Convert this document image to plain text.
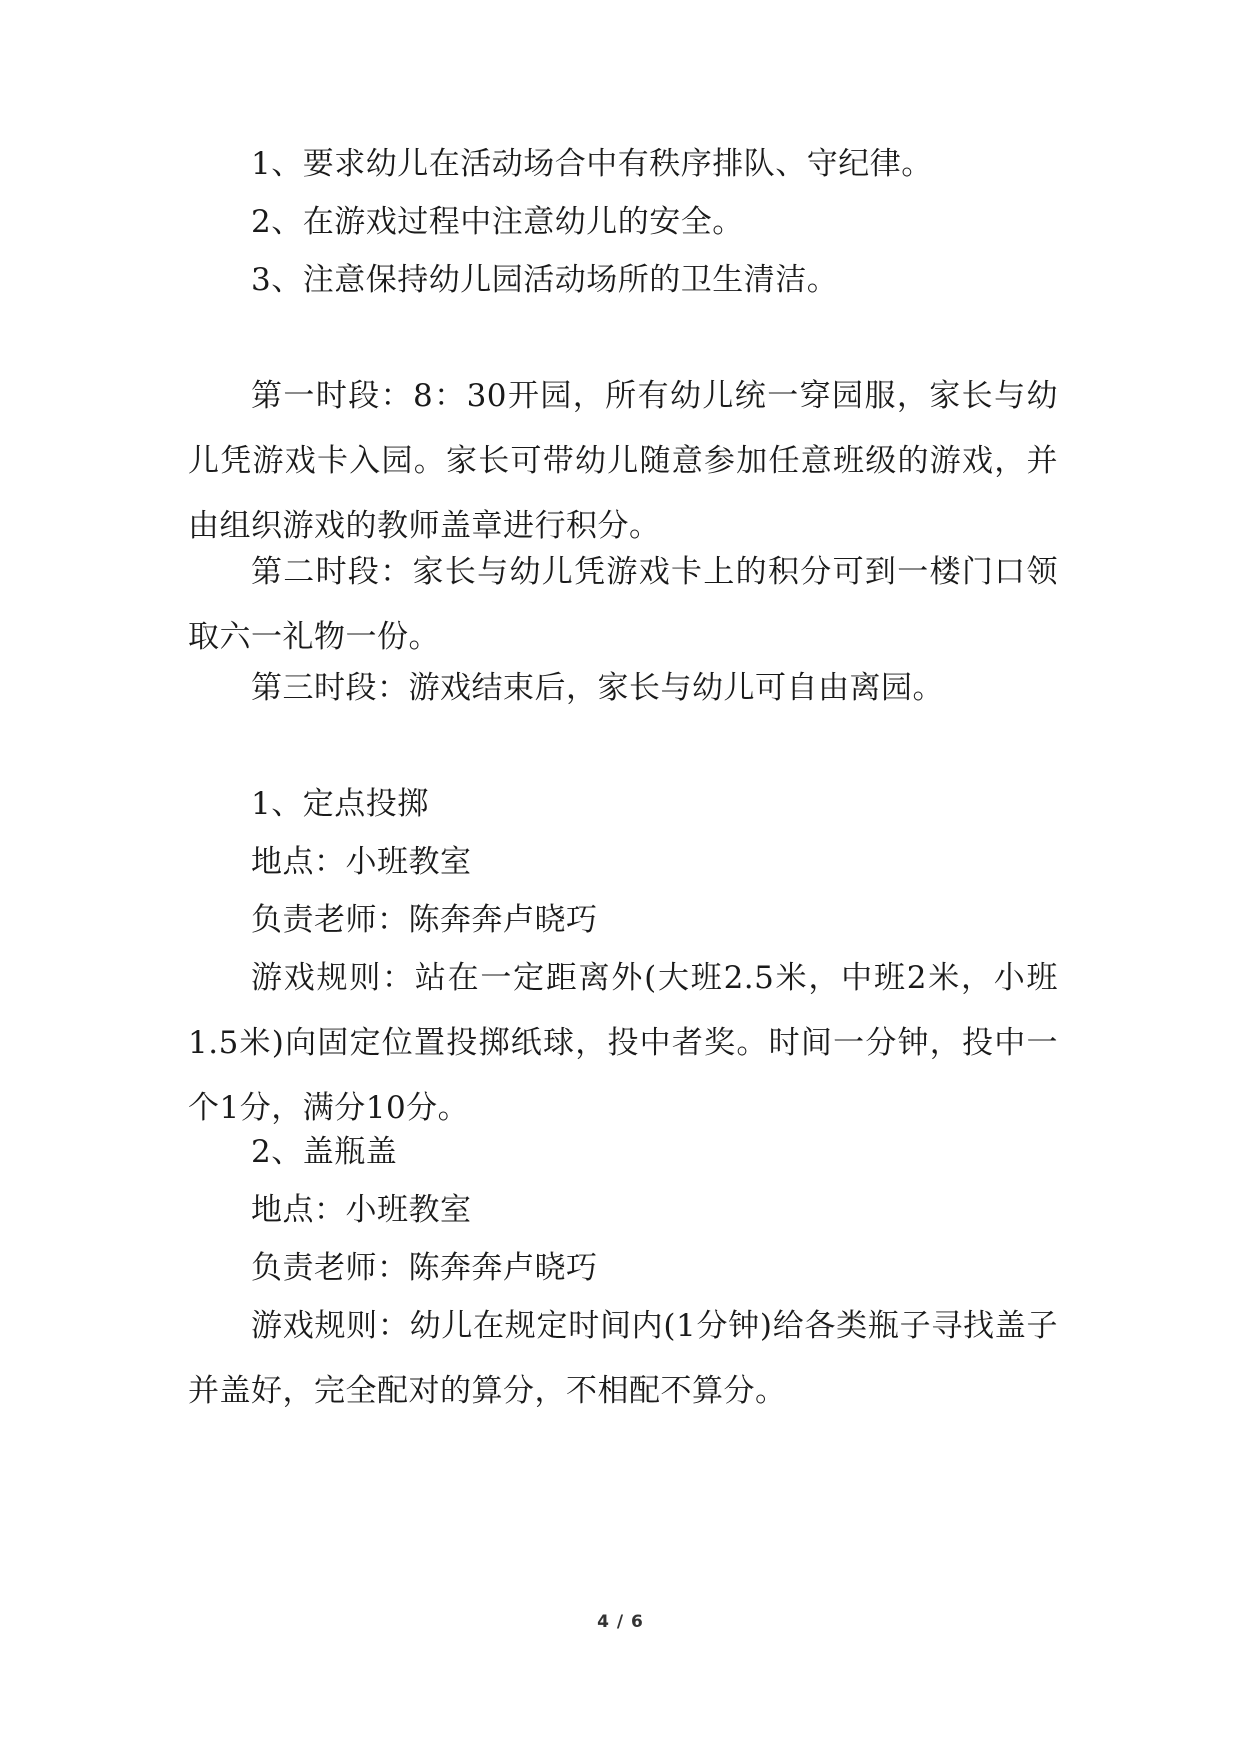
1、要求幼儿在活动场合中有秩序排队、守纪律。

2、在游戏过程中注意幼儿的安全。

3、注意保持幼儿园活动场所的卫生清洁。

第一时段：8：30开园，所有幼儿统一穿园服，家长与幼儿凭游戏卡入园。家长可带幼儿随意参加任意班级的游戏，并由组织游戏的教师盖章进行积分。

第二时段：家长与幼儿凭游戏卡上的积分可到一楼门口领取六一礼物一份。

第三时段：游戏结束后，家长与幼儿可自由离园。

1、定点投掷

地点：小班教室

负责老师：陈奔奔卢晓巧

游戏规则：站在一定距离外(大班2.5米，中班2米，小班1.5米)向固定位置投掷纸球，投中者奖。时间一分钟，投中一个1分，满分10分。

2、盖瓶盖

地点：小班教室

负责老师：陈奔奔卢晓巧

游戏规则：幼儿在规定时间内(1分钟)给各类瓶子寻找盖子并盖好，完全配对的算分，不相配不算分。

4 / 6
